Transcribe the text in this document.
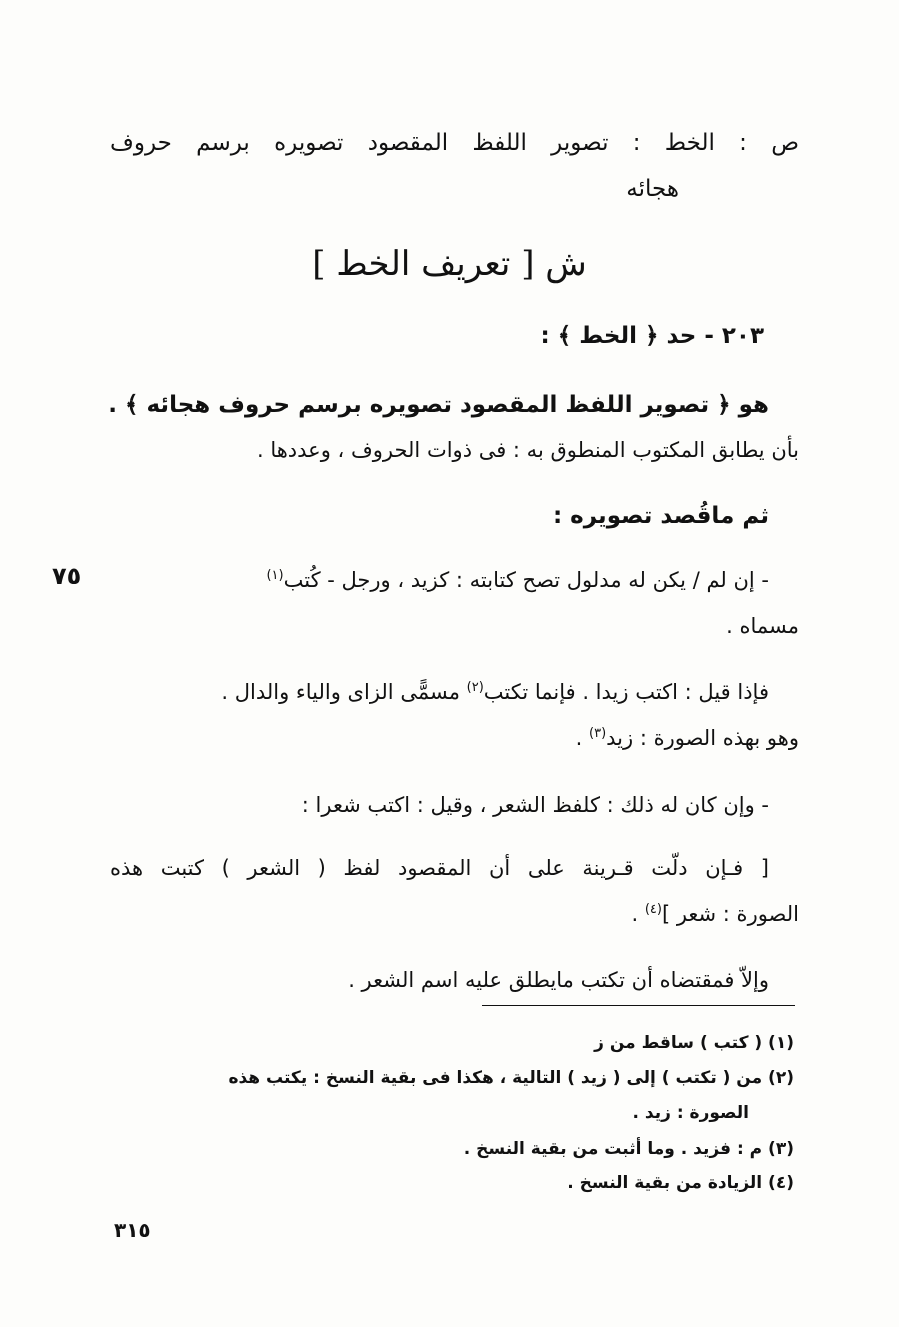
ص : الخط : تصوير اللفظ المقصود تصويره برسم حروف
هجائه
ش [ تعريف الخط ]
٢٠٣ - حد ﴿ الخط ﴾ :
هو ﴿ تصوير اللفظ المقصود تصويره برسم حروف هجائه ﴾ .
بأن يطابق المكتوب المنطوق به : فى ذوات الحروف ، وعددها .
ثم ماقُصد تصويره :
- إن لم / يكن له مدلول تصح كتابته : كزيد ، ورجل - كُتب$^{(١)}$
مسماه .
٧٥
فإذا قيل : اكتب زيدا . فإنما تكتب$^{(٢)}$ مسمًّى الزاى والياء والدال .
وهو بهذه الصورة : زيد$^{(٣)}$ .
- وإن كان له ذلك : كلفظ الشعر ، وقيل : اكتب شعرا :
[ فـإن دلّت قـرينة على أن المقصود لفظ ( الشعر ) كتبت هذه
الصورة : شعر ]$^{(٤)}$ .
وإلاّ فمقتضاه أن تكتب مايطلق عليه اسم الشعر .
(١) ( كتب ) ساقط من ز
(٢) من ( تكتب ) إلى ( زيد ) التالية ، هكذا فى بقية النسخ : يكتب هذه
الصورة : زيد .
(٣) م : فزيد . وما أثبت من بقية النسخ .
(٤) الزيادة من بقية النسخ .
٣١٥
